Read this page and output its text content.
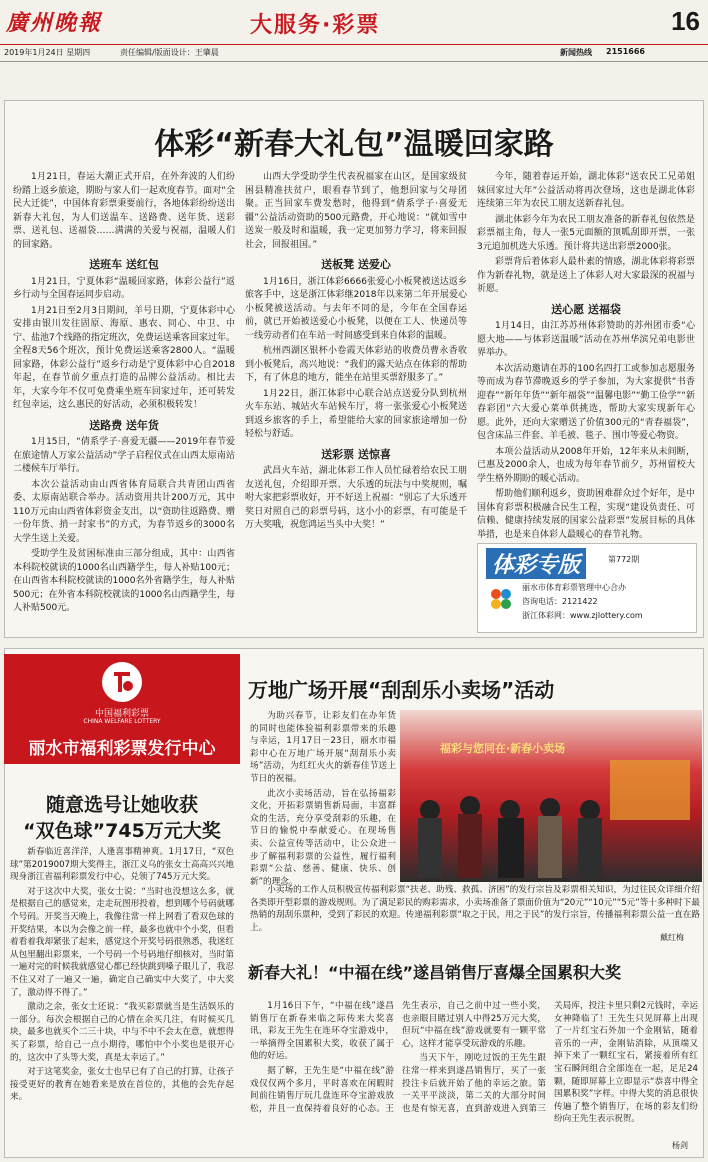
廣州晚報	大服务·彩票	16
2019年1月24日 星期四	责任编辑/版面设计：王肇晨	新闻热线 2151666
体彩“新春大礼包”温暖回家路

1月21日，春运大潮正式开启，在外奔波的人们纷纷踏上返乡旅途，期盼与家人们一起欢度春节。面对“全民大迁徙”，中国体育彩票秉要前行，各地体彩纷纷送出新春大礼包，为人们送温车、送路费、送年货、送彩票、送礼包、送福袋……满满的关爱与祝福，温暖人们的回家路。

送班车 送红包

1月21日，宁夏体彩“温暖回家路，体彩公益行”返乡行动与全国春运同步启动。

1月21日至2月3日期间，羊号日期，宁夏体彩中心安排由银川发往固原、海原、惠农、同心、中卫、中宁、盐池7个线路的指定班次，免费运送乘客回家过年。全程8天56个班次，预计免费运送乘客2800人。“温暖回家路，体彩公益行”返乡行动是宁夏体彩中心自2018年起，在春节前夕重点打造的品牌公益活动。相比去年，大家今年不仅可免费乘坐班车回家过年，还可转发红包幸运，这么惠民的好活动，必须积极转发！

送路费 送年货

1月15日，“倩系学子·喜爱无疆——2019年春节爱在旅途情人万家公益活动”学子启程仪式在山西太原南站二楼候车厅举行。

本次公益活动由山西省体育局联合共青团山西省委、太原南站联合举办。活动资用共计200万元，其中110万元由山西省体彩资金支出，以“资助往返路费、赠一份年货、捎一封家书”的方式，为春节返乡的3000名大学生送上关爱。

受助学生及贫困标准由三部分组成，其中：山西省本科院校就读的1000名山西籍学生，每人补贴100元；在山西省本科院校就读的1000名外省籍学生，每人补贴500元；在外省本科院校就读的1000名山西籍学生，每人补贴500元。

山西大学受助学生代表祝福家在山区，是国家级贫困县精准扶贫户，眼看春节到了，他想回家与父母团聚。正当回家车费发愁时，他得到“倩系学子·喜爱无疆”公益活动资助的500元路费，开心地说：“就如雪中送炭一般及时和温暖，我一定更加努力学习，将来回报社会，回报祖国。”

送板凳 送爱心

1月16日，浙江体彩6666张爱心小板凳被送达返乡旅客手中，这是浙江体彩继2018年以来第二年开展爱心小板凳被送活动。与去年不同的是，今年在全国春运前，就已开始被送爱心小板凳，以便在工人、快递员等一线劳动者们在车站一时间感受到来自体彩的温暖。

杭州西湖区银杯小卷霞天体彩站的收费员曹永香收到小板凳后，高兴地说：“我们的露天站点在体彩的帮助下，有了休息的地方，能坐在站里买票舒服多了。”

1月22日，浙江体彩中心联合站点送爱分队到杭州火车东站、城站火车站候车厅，将一张张爱心小板凳送到返乡旅客的手上，希望能给大家的回家旅途增加一份轻松与舒适。

送彩票 送惊喜

武昌火车站，湖北体彩工作人员忙碌着给农民工朋友送礼包，介绍即开票、大乐透的玩法与中奖规则，嘱咐大家把彩票收好，开不好送上祝福：“别忘了大乐透开奖日对照自己的彩票号码，这小小的彩票，有可能是千万大奖哦，祝您鸿运当头中大奖！”

今年，随着春运开始，湖北体彩“送农民工兄弟姐妹回家过大年”公益活动将再次登场，这也是湖北体彩连续第三年为农民工朋友送新春礼包。

湖北体彩今年为农民工朋友准备的新春礼包依然是彩票福主角，每人一张5元面额的顶呱刮即开票，一张3元追加机选大乐透。预计将共送出彩票2000张。

彩票背后着体彩人最朴素的情感，湖北体彩将彩票作为新春礼物，就是送上了体彩人对大家最深的祝福与祈愿。

送心愿 送福袋

1月14日，由江苏苏州体彩赞助的苏州团市委“心愿大地——与体彩送温暖”活动在苏州华滨兄弟电影世界举办。

本次活动邀请在苏的100名四打工或参加志愿服务等而成为春节滞晚返乡的学子参加，为大家提供“书香迎春”“新年年货”“新年福袋”“温馨电影”“勤工俭学”“新春彩团”六大爱心菜单供挑选，帮助大家实现新年心愿。此外，还向大家赠送了价值300元的“青春福袋”，包含床品三件套、羊毛被、毯子、围巾等爱心物资。

本项公益活动从2008年开始，12年来从未间断，已惠及2000余人，也成为每年春节前夕，苏州留校大学生格外期盼的暖心活动。

帮助他们顺利返乡，资助困难群众过个好年，是中国体育彩票积极融合民生工程，实现“建设负责任、可信赖、健康持续发展的国家公益彩票”发展目标的具体举措，也是来自体彩人最暖心的春节礼物。

体彩专版	第772期
丽水市体育彩票管理中心合办
咨询电话：2121422
浙江体彩网：www.zjlottery.com
中国福利彩票
CHINA WELFARE LOTTERY
丽水市福利彩票发行中心
随意选号让她收获
“双色球”745万元大奖

新春临近喜洋洋，人逢喜事精神爽。1月17日，“双色球”第2019007期大奖得主，浙江义乌的张女士高高兴兴地现身浙江省福利彩票发行中心，兑领了745万元大奖。

对于这次中大奖，张女士说：“当时也没想这么多，就是根据自己的感觉来，走走玩图形投着，想到哪个号码就哪个号码。开奖当天晚上，我像往常一样上网看了看双色球的开奖结果，本以为会像之前一样，最多也就中个小奖，但看着看着我却紧张了起来，感觉这个开奖号码很熟悉，我迷红从包里翻出彩票来，一个号码一个号码地仔细核对，当时第一遍对完的时候我就感觉心都已经快跳到嗓子眼儿了，我忍不住又对了一遍又一遍，确定自己确实中大奖了，中大奖了，激动得不得了。”

激动之余，张女士还说：“我买彩票就当是生活娱乐的一部分。每次会根据自己的心情在余买几注，有时候买几块，最多也就买个二三十块，中与不中不会太在意，就想得买了彩票，给自己一点小期待，哪怕中个小奖也是很开心的，这次中了头等大奖，真是太幸运了。”

对于这笔奖金，张女士也早已有了自己的打算，让孩子接受更好的教育在她看来是放在首位的，其他的会先存起来。

万地广场开展“刮刮乐小卖场”活动

为助兴春节，让彩友们在办年货的同时也能体验福利彩票带来的乐趣与幸运，1月17日－23日，丽水市福彩中心在万地广场开展“刮刮乐小卖场”活动，为红红火火的新春佳节送上节日的祝福。

此次小卖场活动，旨在弘扬福彩文化，开拓彩票销售新局面，丰富群众的生活，充分享受刮彩的乐趣，在节日的愉悦中奉献爱心。在现场售卖、公益宣传等活动中，让公众进一步了解福利彩票的公益性，履行福利彩票“公益、慈善、健康、快乐、创新”的理念。

福彩与您同在·新春小卖场

小卖场的工作人员积极宣传福利彩票“扶老、助残、救孤、济困”的发行宗旨及彩票相关知识，为过往民众详细介绍各类即开型彩票的游戏规则。为了满足彩民的购彩需求，小卖场准备了票面价值为“20元”“10元”“5元”等十多种时下最热销的刮刮乐票种，受到了彩民的欢迎。传递福利彩票“取之于民，用之于民”的发行宗旨，传播福利彩票公益一直在路上。

戴红梅
新春大礼！“中福在线”遂昌销售厅喜爆全国累积大奖

1月16日下午，“中福在线”遂昌销售厅在新春来临之际传来大奖喜讯，彩友王先生在连环夺宝游戏中，一举摘得全国累积大奖，收获了属于他的好运。

据了解，王先生是“中福在线”游戏仅仅两个多月，平时喜欢在闲暇时间前往销售厅玩几盘连环夺宝游戏放松，并且一直保持着良好的心态。王先生表示，自己之前中过一些小奖，也亲眼目睹过别人中得25万元大奖，但玩“中福在线”游戏就要有一颗平常心，这样才能享受玩游戏的乐趣。

当天下午，刚吃过饭的王先生跟往常一样来到遂昌销售厅，买了一张投注卡后就开始了他的幸运之旅。第一关平平淡淡，第二关的大部分时间也是有惊无喜，直到游戏进入到第三关局库，投注卡里只剩2元钱时，幸运女神降临了！王先生只见屏幕上出现了一片红宝石外加一个金刚钻，随着音乐的一声，金刚钻消除，从顶端又掉下来了一颗红宝石，紧接着所有红宝石瞬间组合全部连在一起，足足24颗，随即屏幕上立即显示“恭喜中得全国累积奖”字样。中得大奖的消息很快传遍了整个销售厅，在场的彩友们纷纷向王先生表示祝贺。

杨剑
